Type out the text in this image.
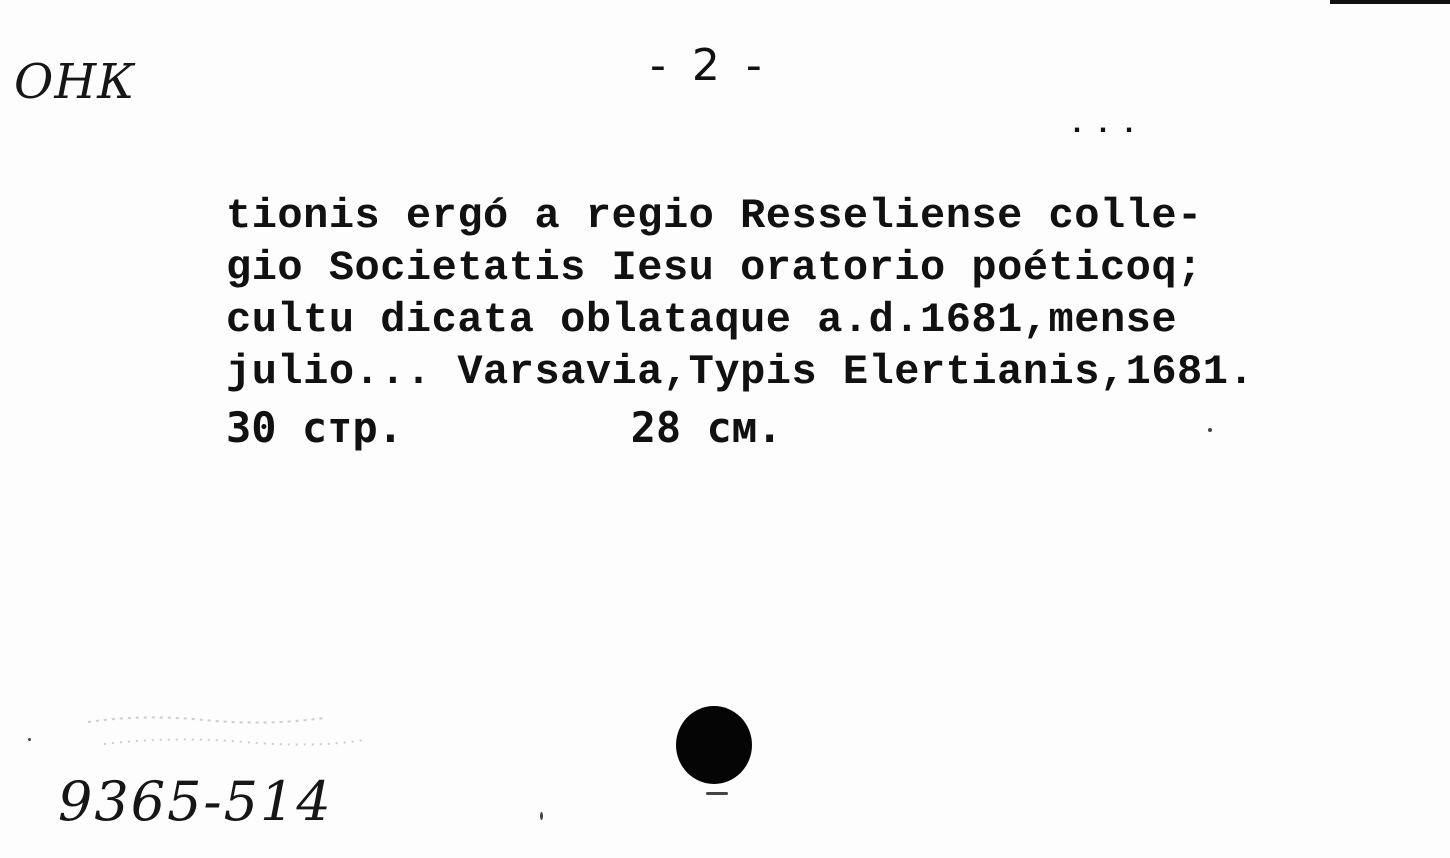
ОНК	- 2 -
...
tionis ergó a regio Resseliense colle-
gio Societatis Iesu oratorio poéticoq;
cultu dicata oblataque a.d.1681,mense
julio... Varsavia,Typis Elertianis,1681.
30 стр.	28 см.
9365-514
